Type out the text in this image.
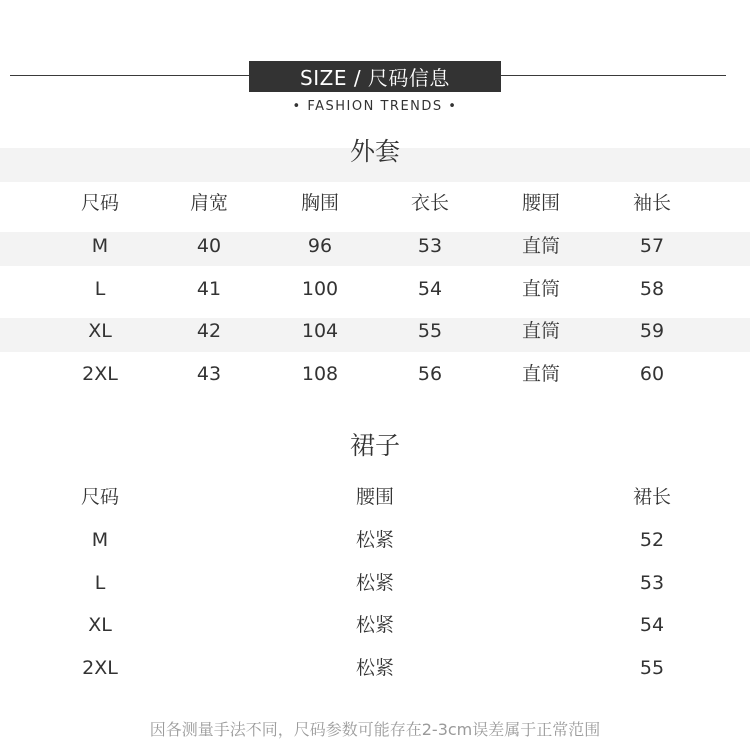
SIZE / 尺码信息
• FASHION TRENDS •
外套
尺码	肩宽	胸围	衣长	腰围	袖长
M	40	96	53	直筒	57
L	41	100	54	直筒	58
XL	42	104	55	直筒	59
2XL	43	108	56	直筒	60
裙子
尺码	腰围	裙长
M	松紧	52
L	松紧	53
XL	松紧	54
2XL	松紧	55
因各测量手法不同，尺码参数可能存在2-3cm误差属于正常范围
